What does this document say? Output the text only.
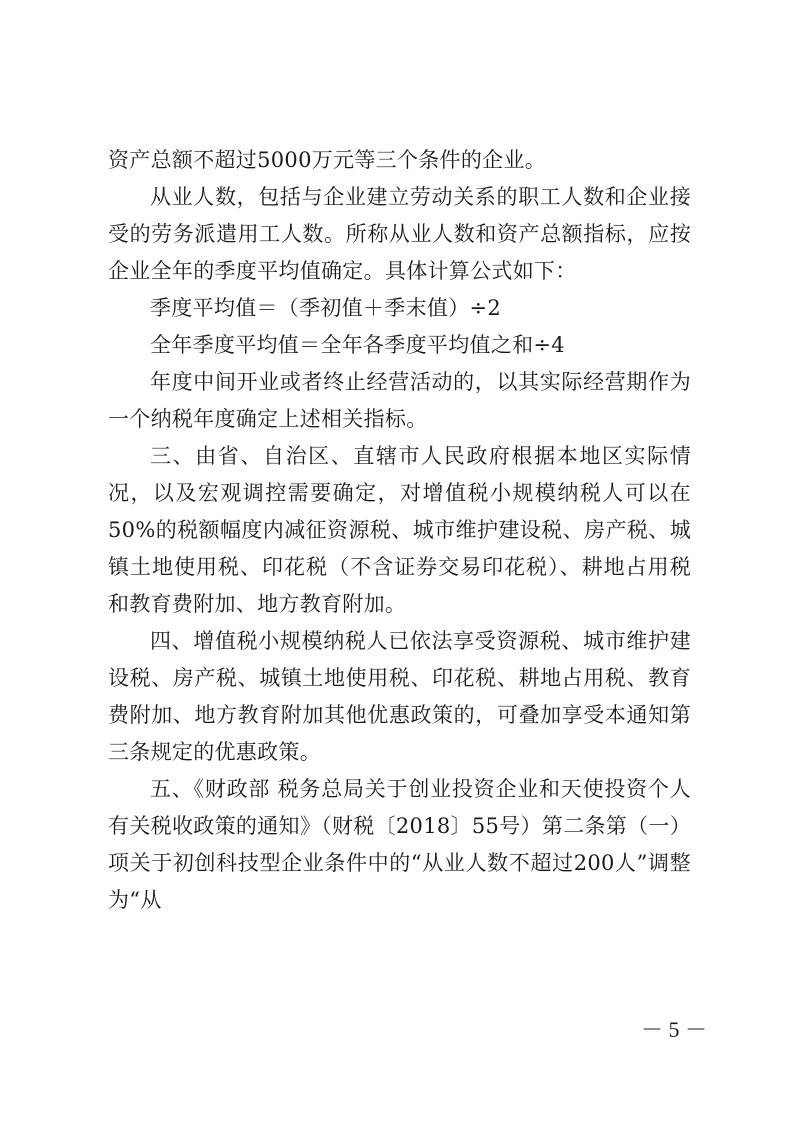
资产总额不超过5000万元等三个条件的企业。

从业人数，包括与企业建立劳动关系的职工人数和企业接受的劳务派遣用工人数。所称从业人数和资产总额指标，应按企业全年的季度平均值确定。具体计算公式如下：

季度平均值＝（季初值＋季末值）÷2

全年季度平均值＝全年各季度平均值之和÷4

年度中间开业或者终止经营活动的，以其实际经营期作为一个纳税年度确定上述相关指标。

三、由省、自治区、直辖市人民政府根据本地区实际情况，以及宏观调控需要确定，对增值税小规模纳税人可以在50%的税额幅度内减征资源税、城市维护建设税、房产税、城镇土地使用税、印花税（不含证券交易印花税）、耕地占用税和教育费附加、地方教育附加。

四、增值税小规模纳税人已依法享受资源税、城市维护建设税、房产税、城镇土地使用税、印花税、耕地占用税、教育费附加、地方教育附加其他优惠政策的，可叠加享受本通知第三条规定的优惠政策。

五、《财政部 税务总局关于创业投资企业和天使投资个人有关税收政策的通知》（财税〔2018〕55号）第二条第（一）项关于初创科技型企业条件中的“从业人数不超过200人”调整为“从

－ 5 －
